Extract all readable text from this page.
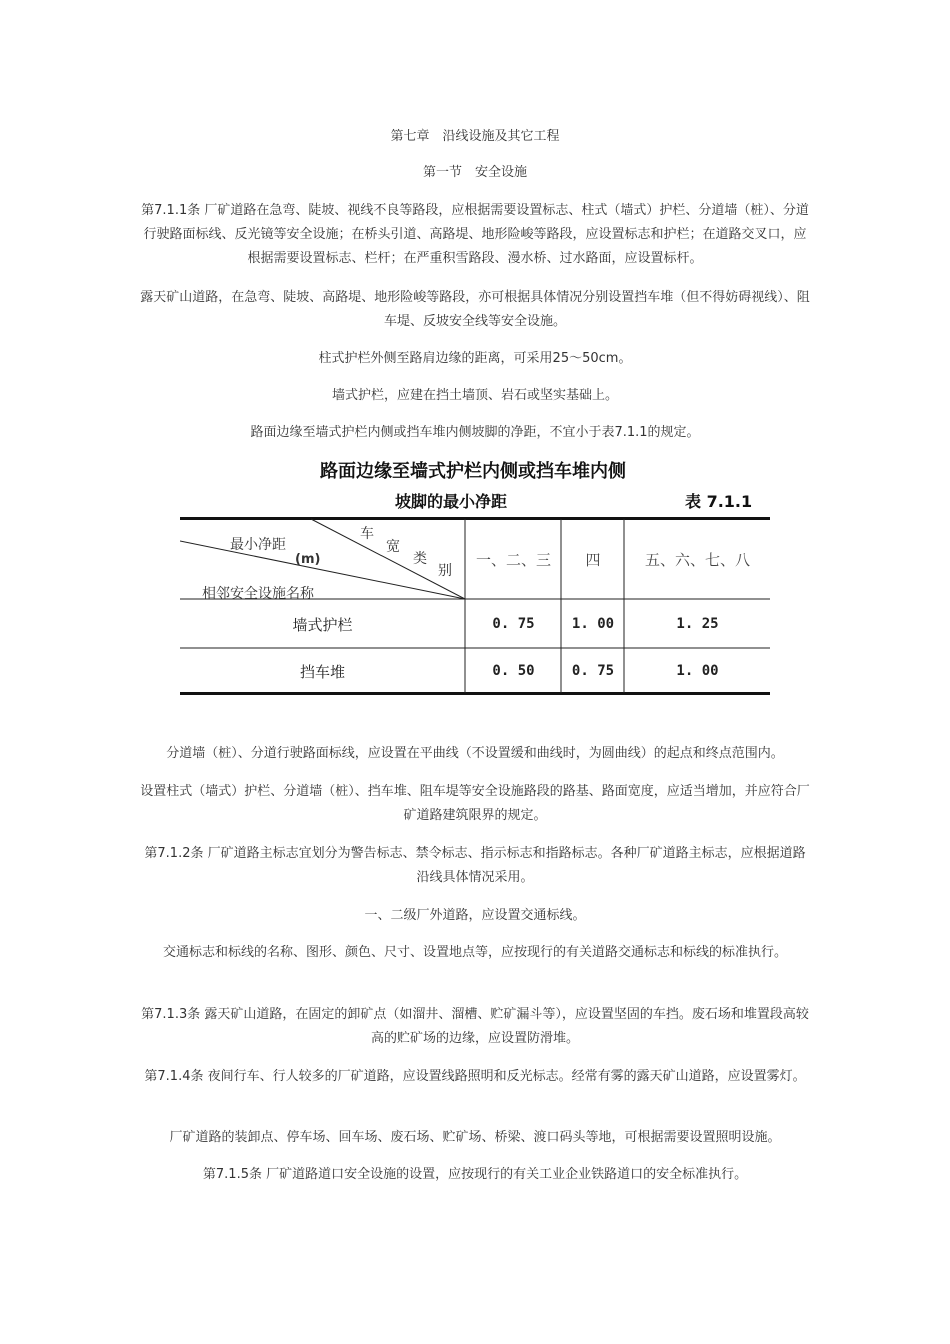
第七章　沿线设施及其它工程

第一节　安全设施

第7.1.1条 厂矿道路在急弯、陡坡、视线不良等路段，应根据需要设置标志、柱式（墙式）护栏、分道墙（桩）、分道行驶路面标线、反光镜等安全设施；在桥头引道、高路堤、地形险峻等路段，应设置标志和护栏；在道路交叉口，应根据需要设置标志、栏杆；在严重积雪路段、漫水桥、过水路面，应设置标杆。

露天矿山道路，在急弯、陡坡、高路堤、地形险峻等路段，亦可根据具体情况分别设置挡车堆（但不得妨碍视线）、阻车堤、反坡安全线等安全设施。

柱式护栏外侧至路肩边缘的距离，可采用25～50cm。

墙式护栏，应建在挡土墙顶、岩石或坚实基础上。

路面边缘至墙式护栏内侧或挡车堆内侧坡脚的净距，不宜小于表7.1.1的规定。

路面边缘至墙式护栏内侧或挡车堆内侧
坡脚的最小净距	表 7.1.1
最小净距
(m)
车
宽
类
别
相邻安全设施名称
一、二、三	四	五、六、七、八
墙式护栏	0. 75	1. 00	1. 25
挡车堆	0. 50	0. 75	1. 00

分道墙（桩）、分道行驶路面标线，应设置在平曲线（不设置缓和曲线时，为圆曲线）的起点和终点范围内。

设置柱式（墙式）护栏、分道墙（桩）、挡车堆、阻车堤等安全设施路段的路基、路面宽度，应适当增加，并应符合厂矿道路建筑限界的规定。

第7.1.2条 厂矿道路主标志宜划分为警告标志、禁令标志、指示标志和指路标志。各种厂矿道路主标志，应根据道路沿线具体情况采用。

一、二级厂外道路，应设置交通标线。

交通标志和标线的名称、图形、颜色、尺寸、设置地点等，应按现行的有关道路交通标志和标线的标准执行。

第7.1.3条 露天矿山道路，在固定的卸矿点（如溜井、溜槽、贮矿漏斗等），应设置坚固的车挡。废石场和堆置段高较高的贮矿场的边缘，应设置防滑堆。

第7.1.4条 夜间行车、行人较多的厂矿道路，应设置线路照明和反光标志。经常有雾的露天矿山道路，应设置雾灯。

厂矿道路的装卸点、停车场、回车场、废石场、贮矿场、桥梁、渡口码头等地，可根据需要设置照明设施。

第7.1.5条 厂矿道路道口安全设施的设置，应按现行的有关工业企业铁路道口的安全标准执行。
